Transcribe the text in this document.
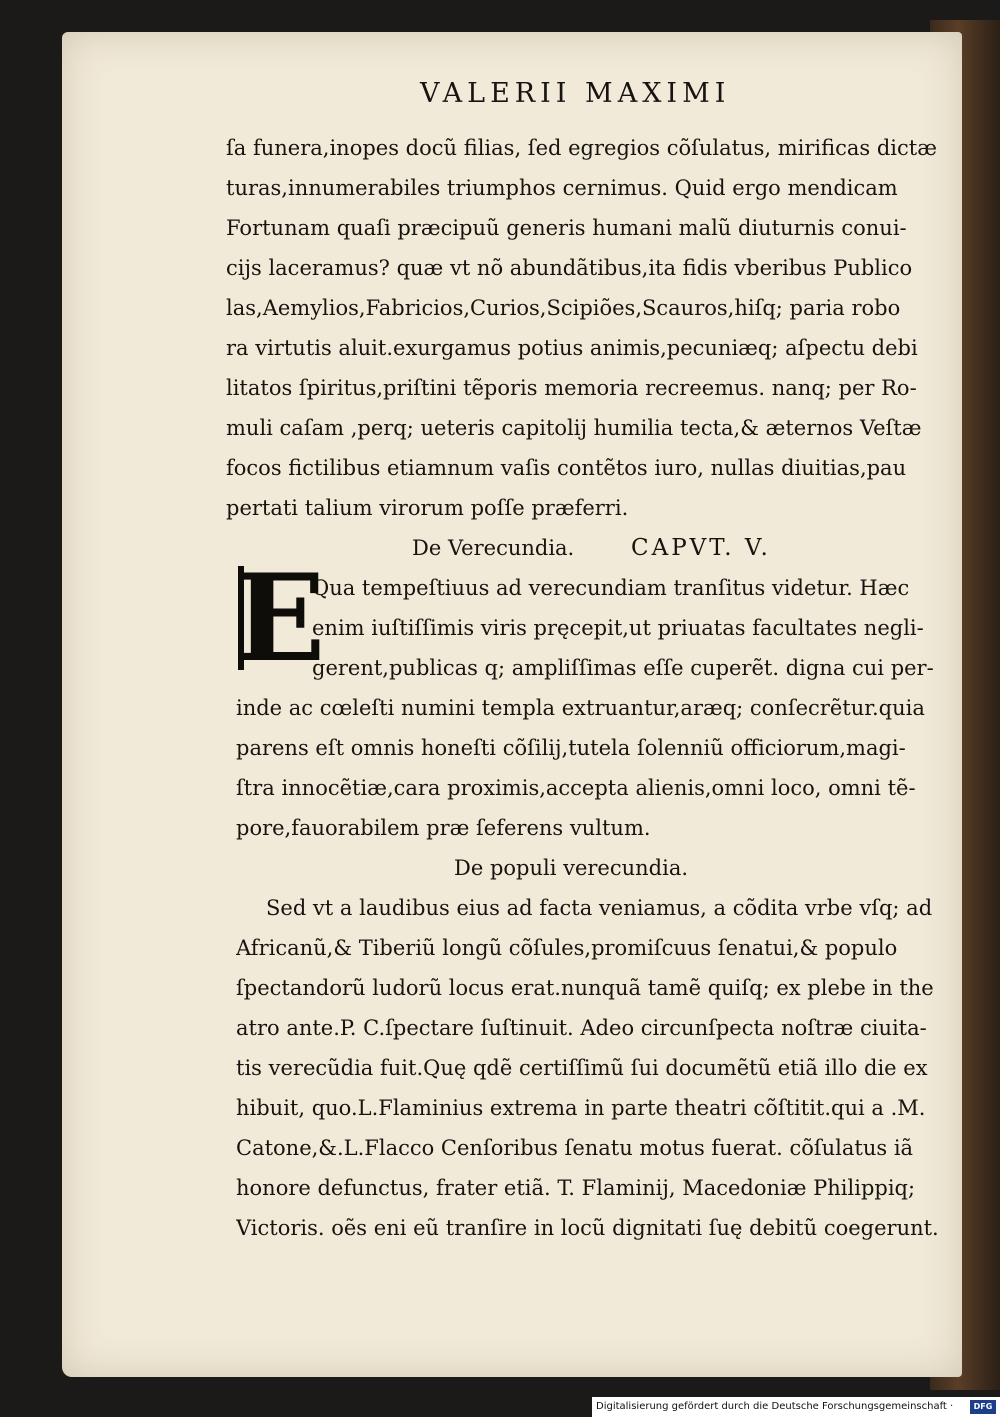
VALERII MAXIMI
ſa funera,inopes docũ filias, ſed egregios cõſulatus, mirificas dictæ
turas,innumerabiles triumphos cernimus. Quid ergo mendicam
Fortunam quaſi præcipuũ generis humani malũ diuturnis conui-
cijs laceramus? quæ vt nõ abundãtibus,ita fidis vberibus Publico
las,Aemylios,Fabricios,Curios,Scipiões,Scauros,hiſq; paria robo
ra virtutis aluit.exurgamus potius animis,pecuniæq; aſpectu debi
litatos ſpiritus,priſtini tẽporis memoria recreemus. nanq; per Ro-
muli caſam ,perq; ueteris capitolij humilia tecta,& æternos Veſtæ
focos fictilibus etiamnum vaſis contẽtos iuro, nullas diuitias,pau
pertati talium virorum poſſe præferri.
De Verecundia. CAPVT. V.
Qua tempeſtiuus ad verecundiam tranſitus videtur. Hæc
enim iuſtiſſimis viris pręcepit,ut priuatas facultates negli-
gerent,publicas q; ampliſſimas eſſe cuperẽt. digna cui per-
inde ac cœleſti numini templa extruantur,aræq; conſecrẽtur.quia
parens eſt omnis honeſti cõſilij,tutela ſolenniũ officiorum,magi-
ſtra innocẽtiæ,cara proximis,accepta alienis,omni loco, omni tẽ-
pore,fauorabilem præ ſeferens vultum.
De populi verecundia.
Sed vt a laudibus eius ad facta veniamus, a cõdita vrbe vſq; ad
Africanũ,& Tiberiũ longũ cõſules,promiſcuus ſenatui,& populo
ſpectandorũ ludorũ locus erat.nunquã tamẽ quiſq; ex plebe in the
atro ante.P. C.ſpectare ſuſtinuit. Adeo circunſpecta noſtræ ciuita-
tis verecũdia fuit.Quę qdẽ certiſſimũ ſui documẽtũ etiã illo die ex
hibuit, quo.L.Flaminius extrema in parte theatri cõſtitit.qui a .M.
Catone,&.L.Flacco Cenſoribus ſenatu motus fuerat. cõſulatus iã
honore defunctus, frater etiã. T. Flaminij, Macedoniæ Philippiq;
Victoris. oẽs eni eũ tranſire in locũ dignitati ſuę debitũ coegerunt.
E
Digitalisierung gefördert durch die Deutsche Forschungsgemeinschaft ·	DFG
